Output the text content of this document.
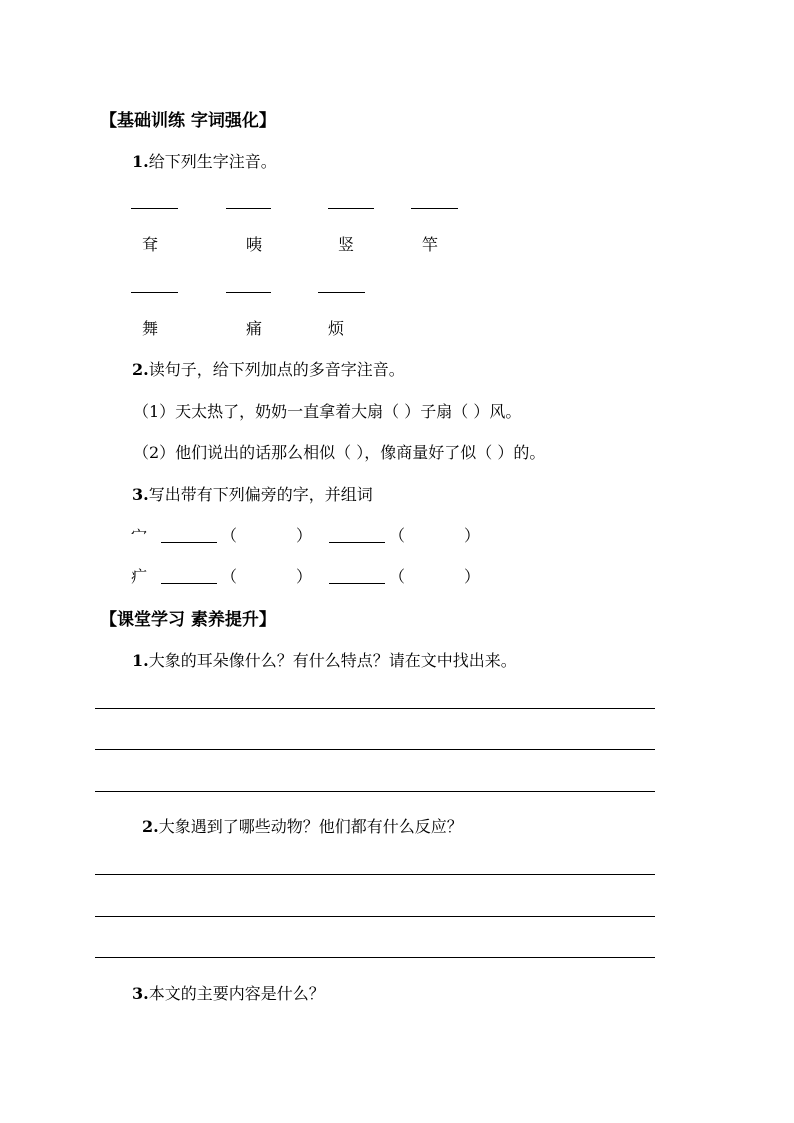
【基础训练 字词强化】
1.给下列生字注音。
耷	咦	竖	竿
舞	痛	烦
2.读句子，给下列加点的多音字注音。
（1）天太热了，奶奶一直拿着大扇（ ）子扇（ ）风。
（2）他们说出的话那么相似（ ），像商量好了似（ ）的。
3.写出带有下列偏旁的字，并组词
宀	（	）	（	）
疒	（	）	（	）
【课堂学习 素养提升】
1.大象的耳朵像什么？有什么特点？请在文中找出来。
2.大象遇到了哪些动物？他们都有什么反应？
3.本文的主要内容是什么？
